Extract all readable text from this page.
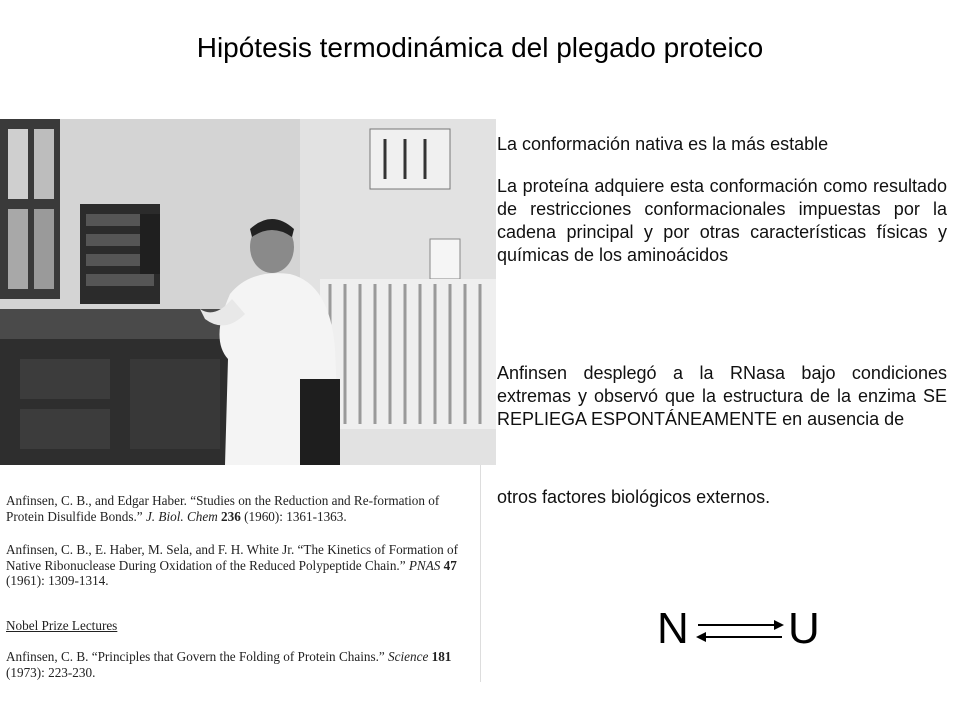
Hipótesis termodinámica del plegado proteico
Anfinsen, C. B., and Edgar Haber. “Studies on the Reduction and Re-formation of Protein Disulfide Bonds.” J. Biol. Chem 236 (1960): 1361-1363.
Anfinsen, C. B., E. Haber, M. Sela, and F. H. White Jr. “The Kinetics of Formation of Native Ribonuclease During Oxidation of the Reduced Polypeptide Chain.” PNAS 47 (1961): 1309-1314.
Nobel Prize Lectures
Anfinsen, C. B. “Principles that Govern the Folding of Protein Chains.” Science 181 (1973): 223-230.
La conformación nativa es la más estable
La proteína adquiere esta conformación como resultado de restricciones conformacionales impuestas por la cadena principal y por otras características físicas y químicas de los aminoácidos
Anfinsen desplegó a la RNasa bajo condiciones extremas y observó que la estructura de la enzima SE REPLIEGA ESPONTÁNEAMENTE en ausencia de
otros factores biológicos externos.
N U
